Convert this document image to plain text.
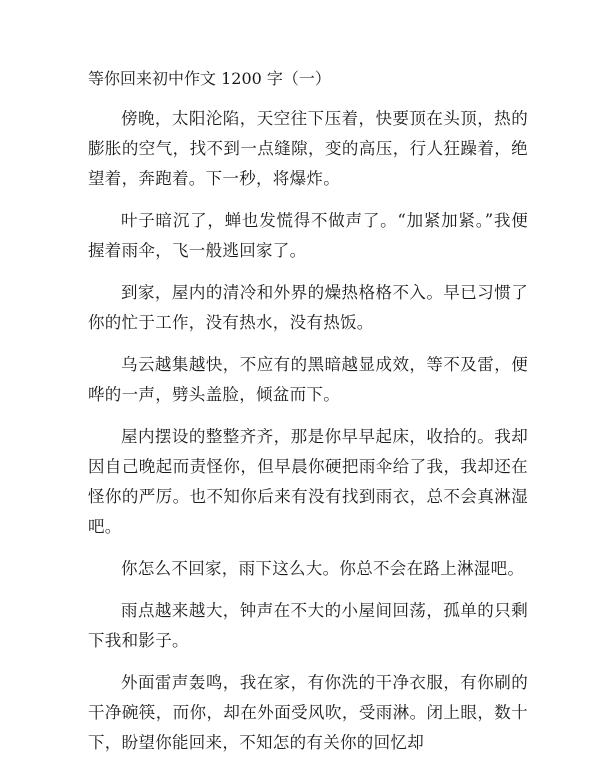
等你回来初中作文 1200 字（一）

傍晚，太阳沦陷，天空往下压着，快要顶在头顶，热的膨胀的空气，找不到一点缝隙，变的高压，行人狂躁着，绝望着，奔跑着。下一秒，将爆炸。

叶子暗沉了，蝉也发慌得不做声了。“加紧加紧。”我便握着雨伞，飞一般逃回家了。

到家，屋内的清冷和外界的燥热格格不入。早已习惯了你的忙于工作，没有热水，没有热饭。

乌云越集越快，不应有的黑暗越显成效，等不及雷，便哗的一声，劈头盖脸，倾盆而下。

屋内摆设的整整齐齐，那是你早早起床，收拾的。我却因自己晚起而责怪你，但早晨你硬把雨伞给了我，我却还在怪你的严厉。也不知你后来有没有找到雨衣，总不会真淋湿吧。

你怎么不回家，雨下这么大。你总不会在路上淋湿吧。

雨点越来越大，钟声在不大的小屋间回荡，孤单的只剩下我和影子。

外面雷声轰鸣，我在家，有你洗的干净衣服，有你刷的干净碗筷，而你，却在外面受风吹，受雨淋。闭上眼，数十下，盼望你能回来，不知怎的有关你的回忆却
